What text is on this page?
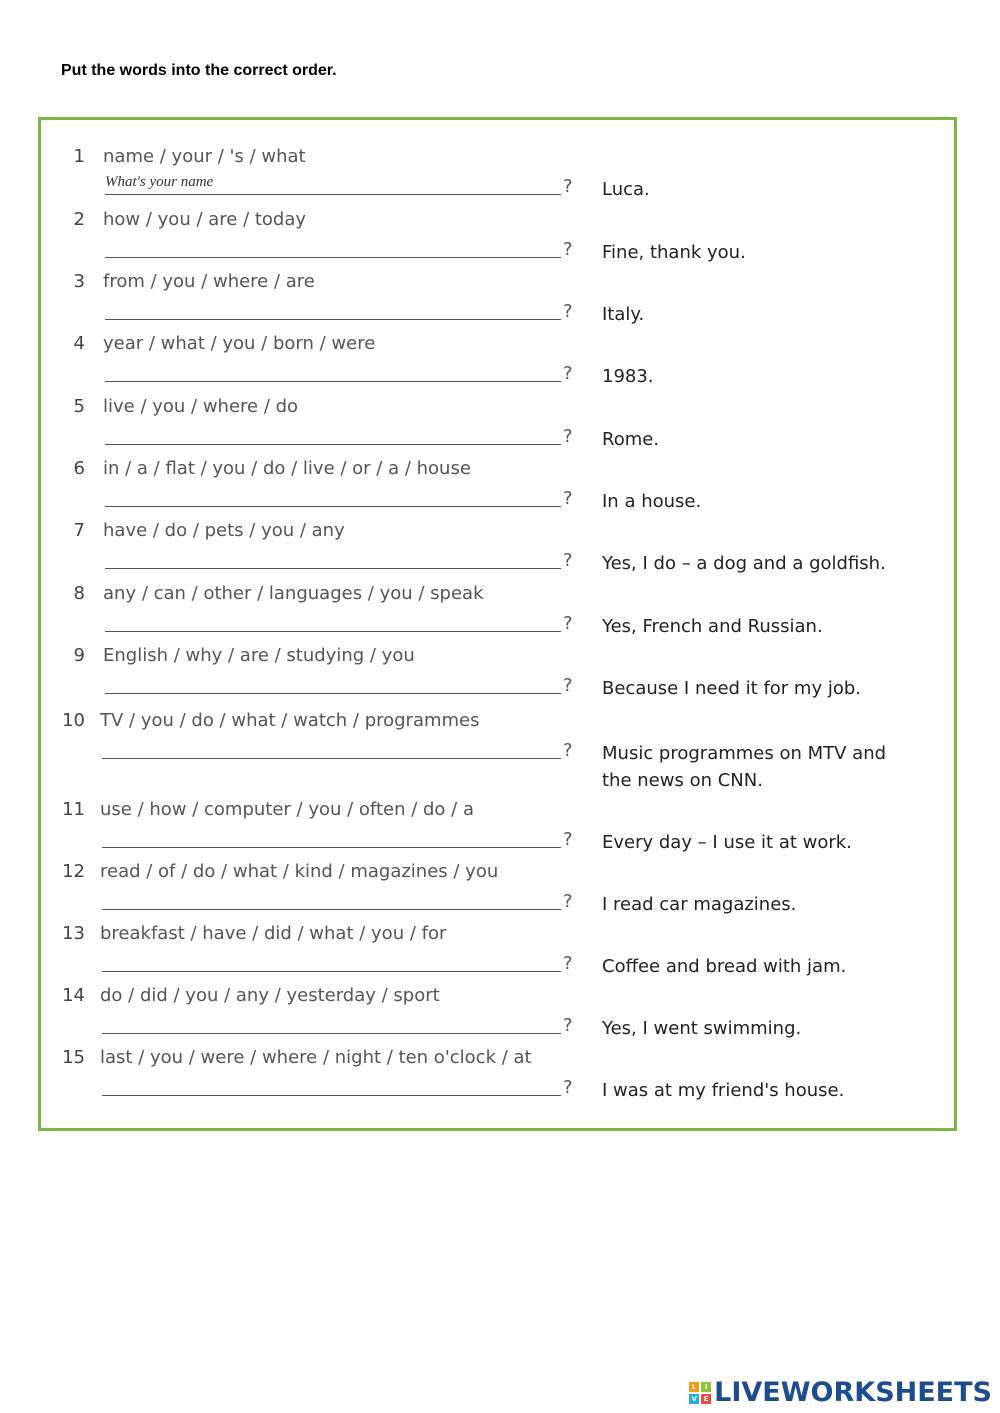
Put the words into the correct order.
1 name / your / 's / what
What's your name
? Luca.
2 how / you / are / today
? Fine, thank you.
3 from / you / where / are
? Italy.
4 year / what / you / born / were
? 1983.
5 live / you / where / do
? Rome.
6 in / a / flat / you / do / live / or / a / house
? In a house.
7 have / do / pets / you / any
? Yes, I do – a dog and a goldfish.
8 any / can / other / languages / you / speak
? Yes, French and Russian.
9 English / why / are / studying / you
? Because I need it for my job.
10 TV / you / do / what / watch / programmes
? Music programmes on MTV and the news on CNN.
11 use / how / computer / you / often / do / a
? Every day – I use it at work.
12 read / of / do / what / kind / magazines / you
? I read car magazines.
13 breakfast / have / did / what / you / for
? Coffee and bread with jam.
14 do / did / you / any / yesterday / sport
? Yes, I went swimming.
15 last / you / were / where / night / ten o'clock / at
? I was at my friend's house.
L	I
V E LIVEWORKSHEETS
